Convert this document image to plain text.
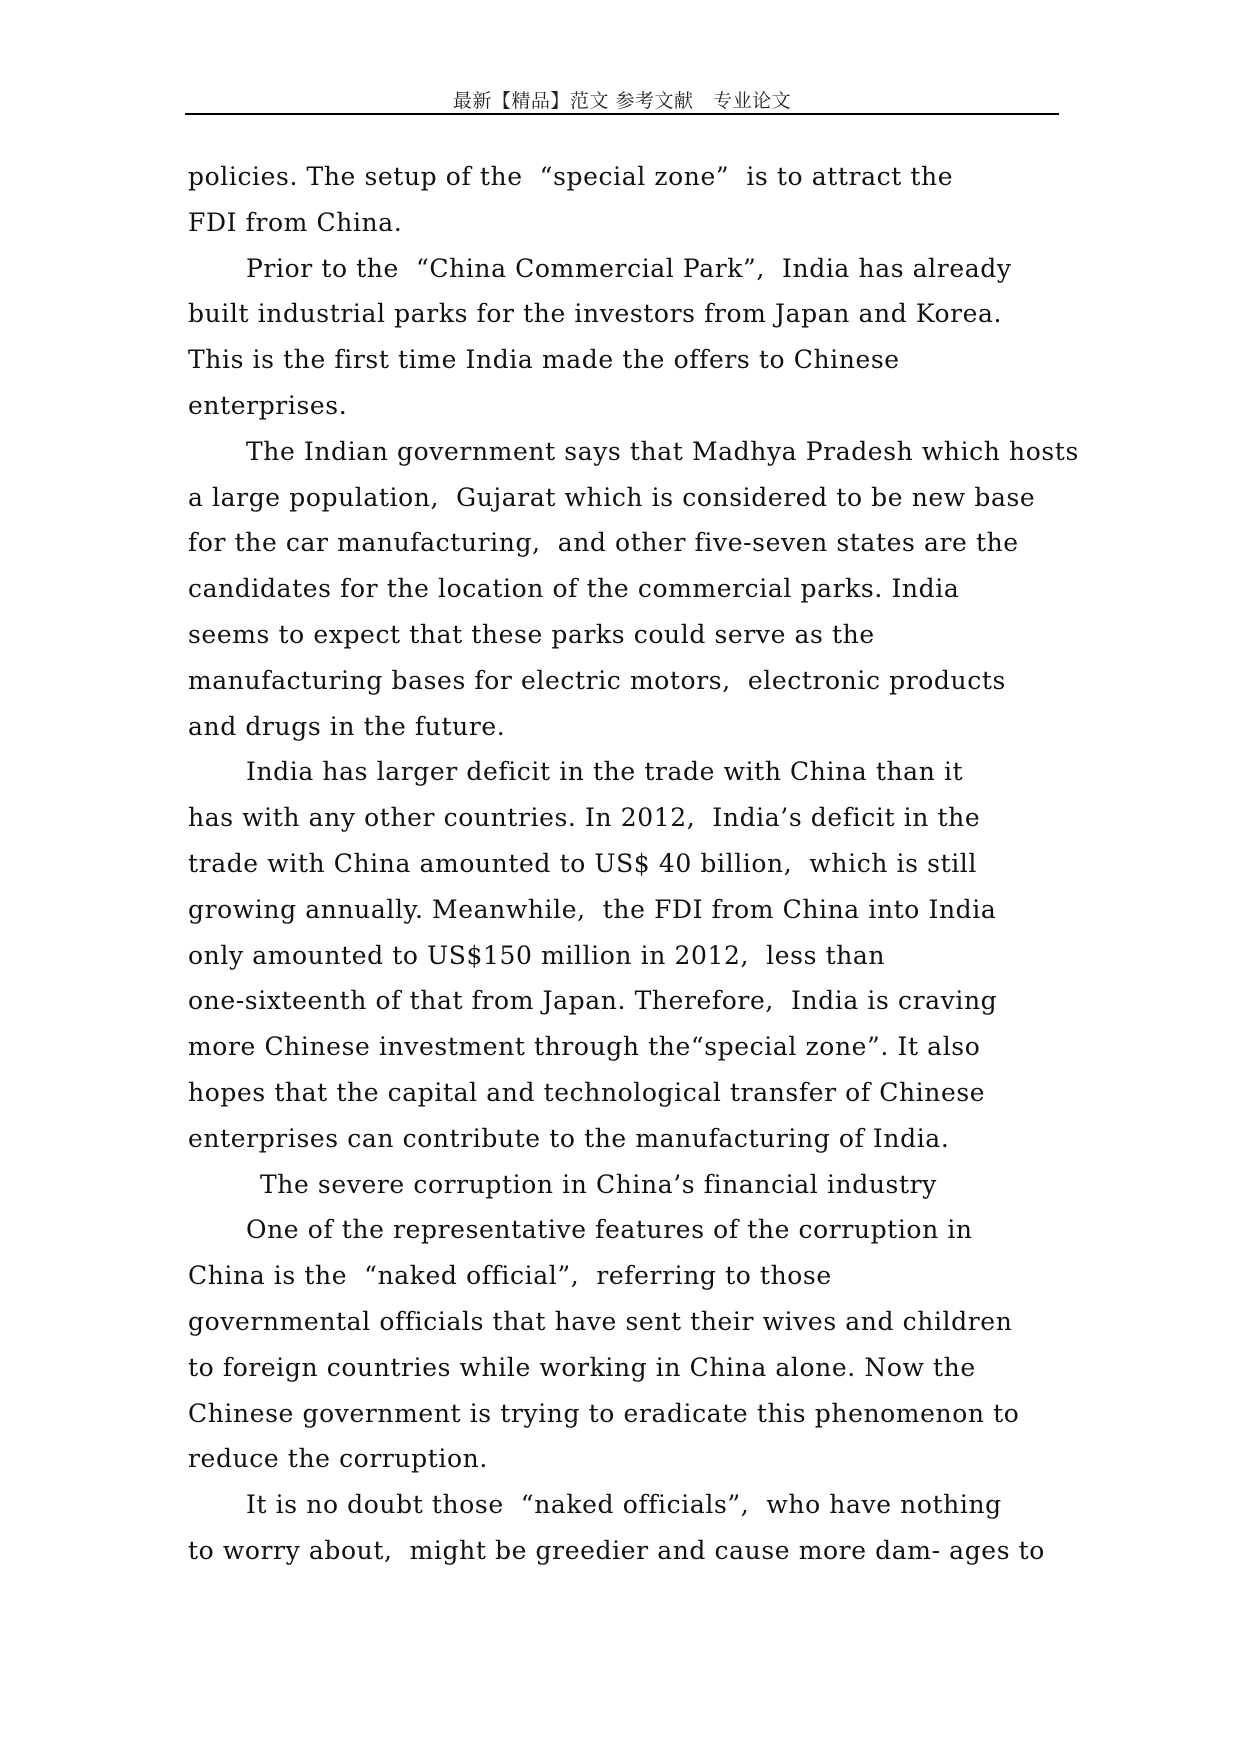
最新【精品】范文 参考文献   专业论文
policies. The setup of the  “special zone”  is to attract the
FDI from China.
Prior to the  “China Commercial Park”,  India has already
built industrial parks for the investors from Japan and Korea.
This is the first time India made the offers to Chinese
enterprises.
The Indian government says that Madhya Pradesh which hosts
a large population,  Gujarat which is considered to be new base
for the car manufacturing,  and other five-seven states are the
candidates for the location of the commercial parks. India
seems to expect that these parks could serve as the
manufacturing bases for electric motors,  electronic products
and drugs in the future.
India has larger deficit in the trade with China than it
has with any other countries. In 2012,  India’s deficit in the
trade with China amounted to US$ 40 billion,  which is still
growing annually. Meanwhile,  the FDI from China into India
only amounted to US$150 million in 2012,  less than
one-sixteenth of that from Japan. Therefore,  India is craving
more Chinese investment through the“special zone”. It also
hopes that the capital and technological transfer of Chinese
enterprises can contribute to the manufacturing of India.
The severe corruption in China’s financial industry
One of the representative features of the corruption in
China is the  “naked official”,  referring to those
governmental officials that have sent their wives and children
to foreign countries while working in China alone. Now the
Chinese government is trying to eradicate this phenomenon to
reduce the corruption.
It is no doubt those  “naked officials”,  who have nothing
to worry about,  might be greedier and cause more dam- ages to
